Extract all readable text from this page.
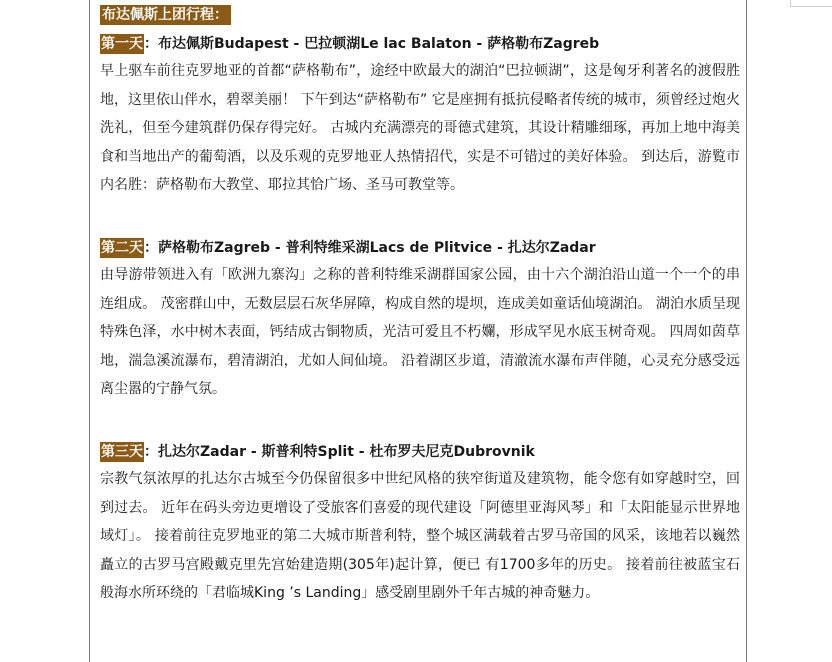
布达佩斯上团行程：
第一天：布达佩斯Budapest - 巴拉顿湖Le lac Balaton - 萨格勒布Zagreb

早上驱车前往克罗地亚的首都“萨格勒布”，途经中欧最大的湖泊“巴拉顿湖”，这是匈牙利著名的渡假胜地，这里依山伴水，碧翠美丽！ 下午到达“萨格勒布” 它是座拥有抵抗侵略者传统的城市，须曾经过炮火洗礼，但至今建筑群仍保存得完好。 古城内充满漂亮的哥德式建筑，其设计精雕细琢，再加上地中海美食和当地出产的葡萄酒，以及乐观的克罗地亚人热情招代，实是不可错过的美好体验。 到达后，游覧市内名胜：萨格勒布大教堂、耶拉其恰广场、圣马可教堂等。

第二天：萨格勒布Zagreb - 普利特维采湖Lacs de Plitvice - 扎达尔Zadar

由导游带领进入有「欧洲九寨沟」之称的普利特维采湖群国家公园，由十六个湖泊沿山道一个一个的串连组成。 茂密群山中，无数层层石灰华屏障，构成自然的堤坝，连成美如童话仙境湖泊。 湖泊水质呈现特殊色泽，水中树木表面，钙结成古铜物质，光洁可爱且不朽孄，形成罕见水底玉树奇观。 四周如茵草地，湍急溪流瀑布，碧清湖泊，尤如人间仙境。 沿着湖区步道，清澈流水瀑布声伴随，心灵充分感受远离尘嚣的宁静气氛。

第三天：扎达尔Zadar - 斯普利特Split - 杜布罗夫尼克Dubrovnik

宗教气氛浓厚的扎达尔古城至今仍保留很多中世纪风格的狭窄街道及建筑物，能令您有如穿越时空，回到过去。 近年在码头旁边更增设了受旅客们喜爱的现代建设「阿德里亚海风琴」和「太阳能显示世界地域灯」。 接着前往克罗地亚的第二大城市斯普利特，整个城区满载着古罗马帝国的风采，该地若以巍然矗立的古罗马宫殿戴克里先宫始建造期(305年)起计算，便已 有1700多年的历史。 接着前往被蓝宝石般海水所环绕的「君临城King ’s Landing」感受剧里剧外千年古城的神奇魅力。
